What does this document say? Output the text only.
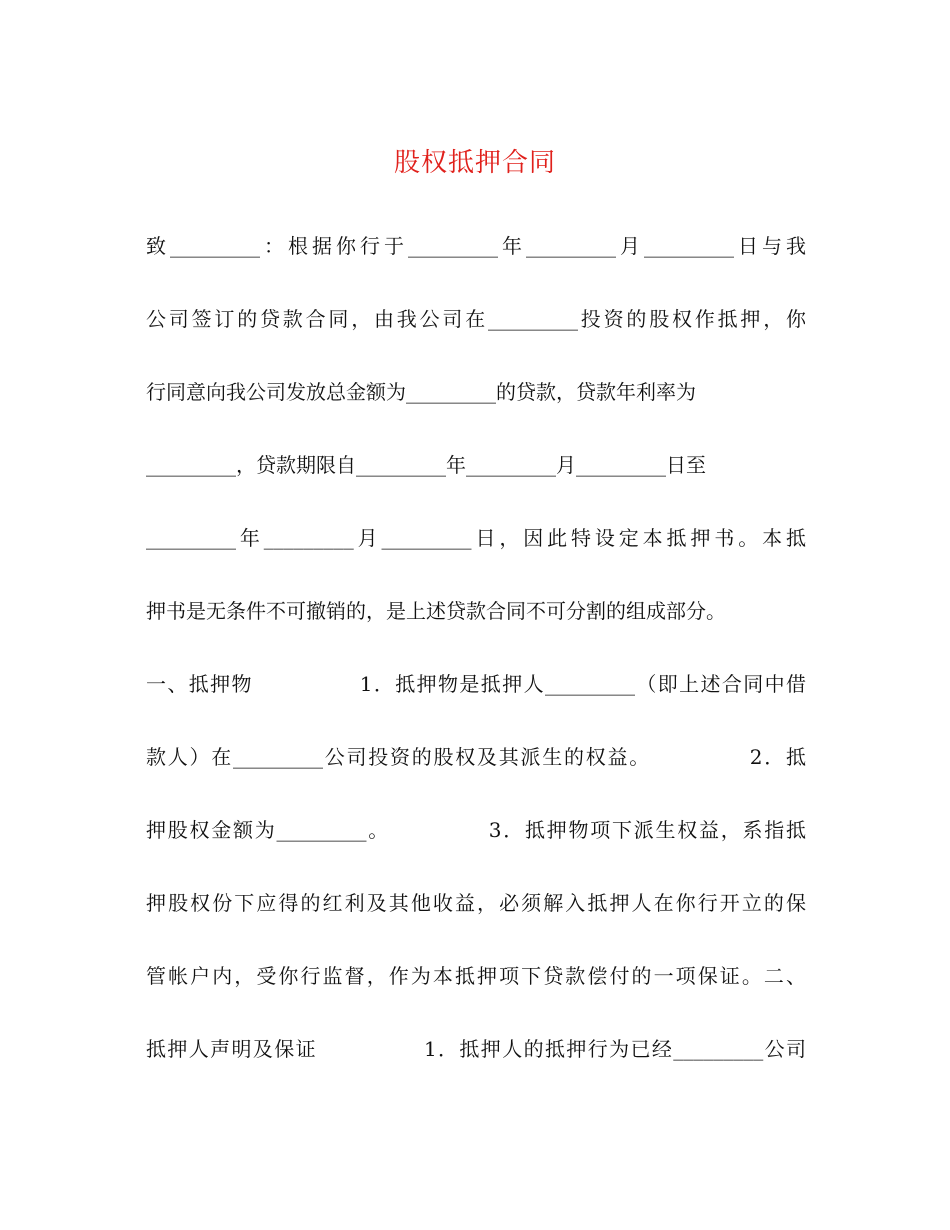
股权抵押合同
致_________：根据你行于_________年_________月_________日与我
公司签订的贷款合同，由我公司在_________投资的股权作抵押，你
行同意向我公司发放总金额为_________的贷款，贷款年利率为
_________，贷款期限自_________年_________月_________日至
_________年_________月_________日，因此特设定本抵押书。本抵
押书是无条件不可撤销的，是上述贷款合同不可分割的组成部分。
一、抵押物　　　　　1．抵押物是抵押人_________（即上述合同中借
款人）在_________公司投资的股权及其派生的权益。　　　　　2．抵
押股权金额为_________。　　　　　3．抵押物项下派生权益，系指抵
押股权份下应得的红利及其他收益，必须解入抵押人在你行开立的保
管帐户内，受你行监督，作为本抵押项下贷款偿付的一项保证。二、
抵押人声明及保证　　　　　1．抵押人的抵押行为已经_________公司
